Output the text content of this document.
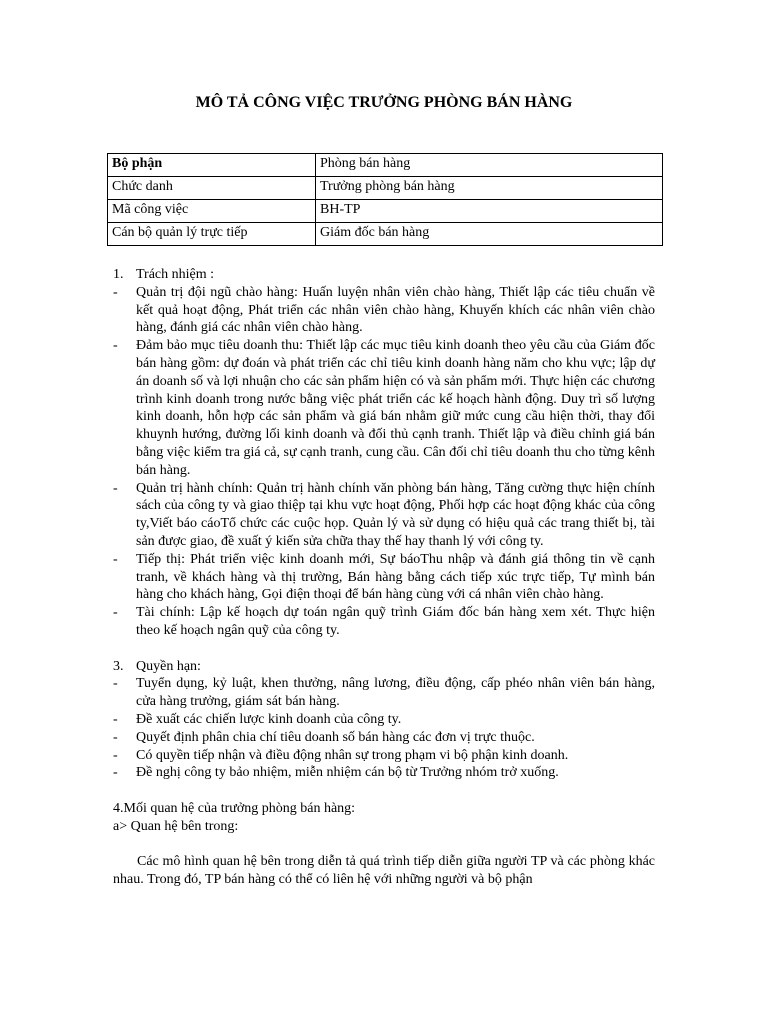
MÔ TẢ CÔNG VIỆC TRƯỞNG PHÒNG BÁN HÀNG
Bộ phận	Phòng bán hàng
Chức danh	Trưởng phòng bán hàng
Mã công việc	BH-TP
Cán bộ quản lý trực tiếp	Giám đốc bán hàng
1. Trách nhiệm :
- Quản trị đội ngũ chào hàng: Huấn luyện nhân viên chào hàng, Thiết lập các tiêu chuẩn về kết quả hoạt động, Phát triển các nhân viên chào hàng, Khuyến khích các nhân viên chào hàng, đánh giá các nhân viên chào hàng.
- Đảm bảo mục tiêu doanh thu: Thiết lập các mục tiêu kinh doanh theo yêu cầu của Giám đốc bán hàng gồm: dự đoán và phát triển các chỉ tiêu kinh doanh hàng năm cho khu vực; lập dự án doanh số và lợi nhuận cho các sản phẩm hiện có và sản phẩm mới. Thực hiện các chương trình kinh doanh trong nước bằng việc phát triển các kế hoạch hành động. Duy trì số lượng kinh doanh, hỗn hợp các sản phẩm và giá bán nhằm giữ mức cung cầu hiện thời, thay đổi khuynh hướng, đường lối kinh doanh và đối thủ cạnh tranh. Thiết lập và điều chỉnh giá bán bằng việc kiểm tra giá cả, sự cạnh tranh, cung cầu. Cân đối chỉ tiêu doanh thu cho từng kênh bán hàng.
- Quản trị hành chính: Quản trị hành chính văn phòng bán hàng, Tăng cường thực hiện chính sách của công ty và giao thiệp tại khu vực hoạt động, Phối hợp các hoạt động khác của công ty,Viết báo cáoTổ chức các cuộc họp. Quản lý và sử dụng có hiệu quả các trang thiết bị, tài sản được giao, đề xuất ý kiến sửa chữa thay thế hay thanh lý với công ty.
- Tiếp thị: Phát triển việc kinh doanh mới, Sự báoThu nhập và đánh giá thông tin về cạnh tranh, về khách hàng và thị trường, Bán hàng bằng cách tiếp xúc trực tiếp, Tự mình bán hàng cho khách hàng, Gọi điện thoại để bán hàng cùng với cá nhân viên chào hàng.
- Tài chính: Lập kế hoạch dự toán ngân quỹ trình Giám đốc bán hàng xem xét. Thực hiện theo kế hoạch ngân quỹ của công ty.
3. Quyền hạn:
- Tuyển dụng, kỷ luật, khen thưởng, nâng lương, điều động, cấp phéo nhân viên bán hàng, cửa hàng trưởng, giám sát bán hàng.
- Đề xuất các chiến lược kinh doanh của công ty.
- Quyết định phân chia chí tiêu doanh số bán hàng các đơn vị trực thuộc.
- Có quyền tiếp nhận và điều động nhân sự trong phạm vi bộ phận kinh doanh.
- Đề nghị công ty bảo nhiệm, miễn nhiệm cán bộ từ Trưởng nhóm trở xuống.
4.Mối quan hệ của trưởng phòng bán hàng:
a> Quan hệ bên trong:
Các mô hình quan hệ bên trong diễn tả quá trình tiếp diễn giữa người TP và các phòng khác nhau. Trong đó, TP bán hàng có thể có liên hệ với những người và bộ phận
